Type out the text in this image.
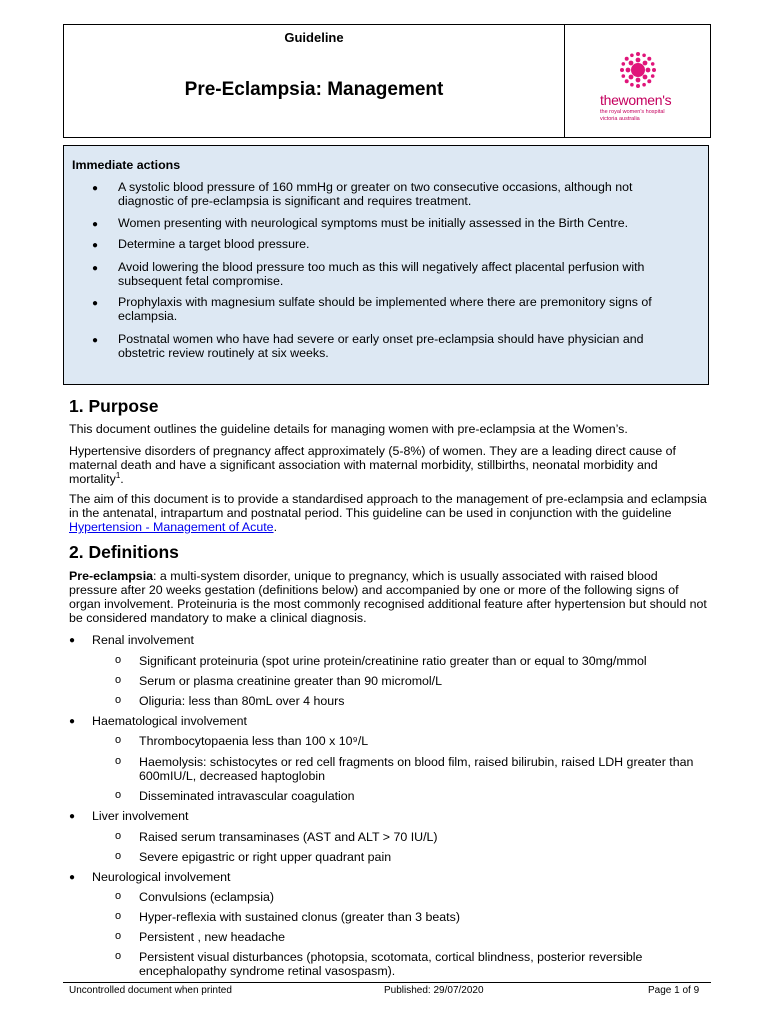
Guideline
Pre-Eclampsia: Management	thewomen's
the royal women's hospital
victoria australia
Immediate actions
● A systolic blood pressure of 160 mmHg or greater on two consecutive occasions, although not diagnostic of pre-eclampsia is significant and requires treatment.
● Women presenting with neurological symptoms must be initially assessed in the Birth Centre.
● Determine a target blood pressure.
● Avoid lowering the blood pressure too much as this will negatively affect placental perfusion with subsequent fetal compromise.
● Prophylaxis with magnesium sulfate should be implemented where there are premonitory signs of eclampsia.
● Postnatal women who have had severe or early onset pre-eclampsia should have physician and obstetric review routinely at six weeks.
1. Purpose
This document outlines the guideline details for managing women with pre-eclampsia at the Women’s.
Hypertensive disorders of pregnancy affect approximately (5-8%) of women. They are a leading direct cause of maternal death and have a significant association with maternal morbidity, stillbirths, neonatal morbidity and mortality$^1$.
The aim of this document is to provide a standardised approach to the management of pre-eclampsia and eclampsia in the antenatal, intrapartum and postnatal period. This guideline can be used in conjunction with the guideline Hypertension - Management of Acute.
2. Definitions
Pre-eclampsia: a multi-system disorder, unique to pregnancy, which is usually associated with raised blood pressure after 20 weeks gestation (definitions below) and accompanied by one or more of the following signs of organ involvement. Proteinuria is the most commonly recognised additional feature after hypertension but should not be considered mandatory to make a clinical diagnosis.
● Renal involvement
o Significant proteinuria (spot urine protein/creatinine ratio greater than or equal to 30mg/mmol
o Serum or plasma creatinine greater than 90 micromol/L
o Oliguria: less than 80mL over 4 hours
● Haematological involvement
o Thrombocytopaenia less than 100 x 10⁹/L
o Haemolysis: schistocytes or red cell fragments on blood film, raised bilirubin, raised LDH greater than 600mIU/L, decreased haptoglobin
o Disseminated intravascular coagulation
● Liver involvement
o Raised serum transaminases (AST and ALT > 70 IU/L)
o Severe epigastric or right upper quadrant pain
● Neurological involvement
o Convulsions (eclampsia)
o Hyper-reflexia with sustained clonus (greater than 3 beats)
o Persistent , new headache
o Persistent visual disturbances (photopsia, scotomata, cortical blindness, posterior reversible encephalopathy syndrome retinal vasospasm).
Uncontrolled document when printed	Published: 29/07/2020	Page 1 of 9
